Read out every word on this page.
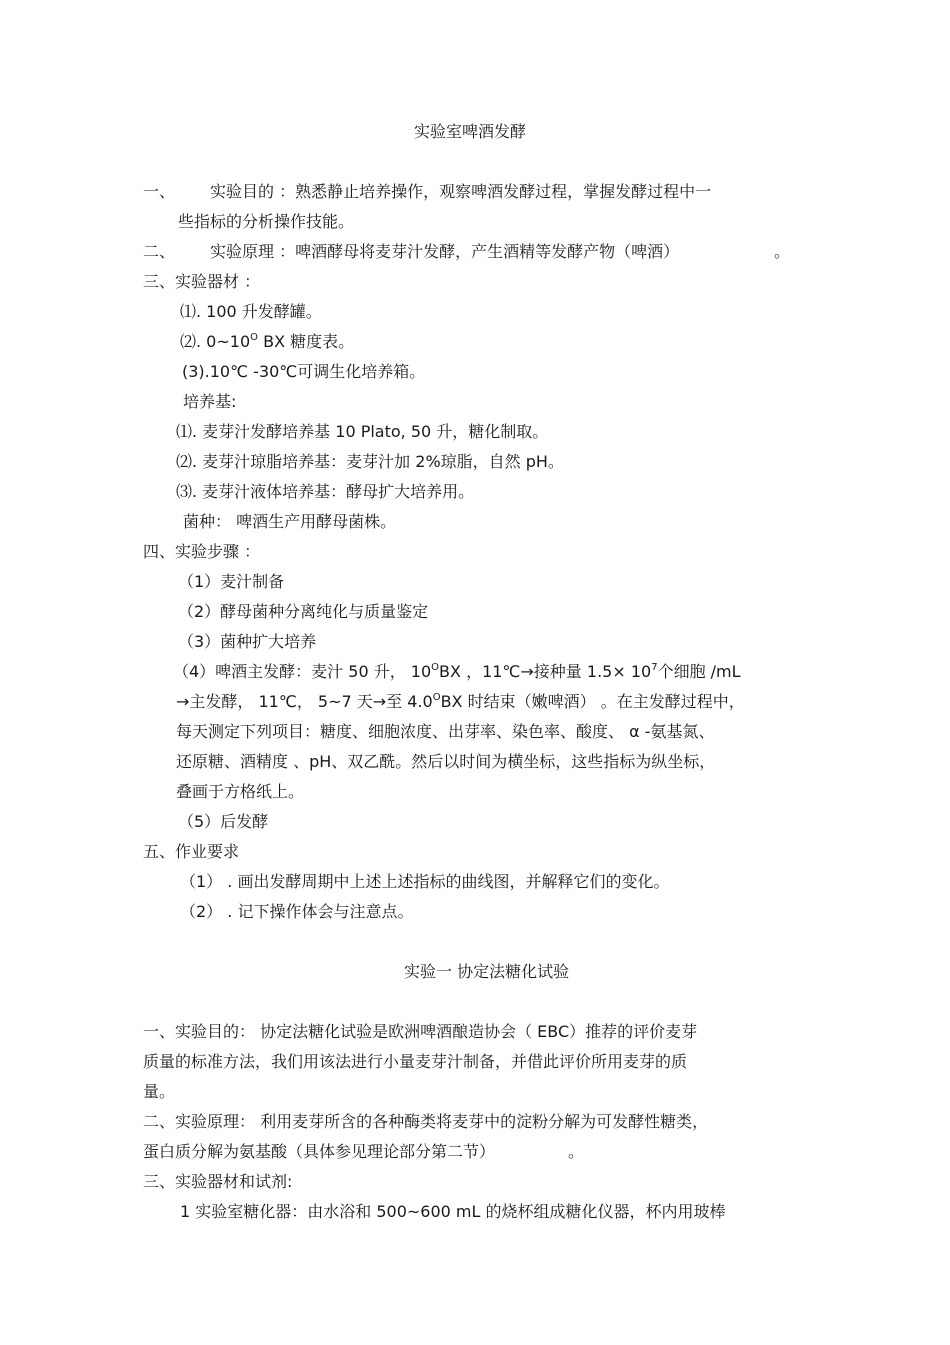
实验室啤酒发酵
一、 实验目的 ：熟悉静止培养操作，观察啤酒发酵过程，掌握发酵过程中一
些指标的分析操作技能。
二、 实验原理 ：啤酒酵母将麦芽汁发酵，产生酒精等发酵产物（啤酒）	。
三、实验器材 ：
⑴. 100 升发酵罐。
⑵. $0\sim 10^O$ BX 糖度表。
(3).10℃ -30℃可调生化培养箱。
培养基:
⑴. 麦芽汁发酵培养基 10 Plato, 50 升，糖化制取。
⑵. 麦芽汁琼脂培养基：麦芽汁加 2%琼脂，自然 pH。
⑶. 麦芽汁液体培养基：酵母扩大培养用。
菌种： 啤酒生产用酵母菌株。
四、实验步骤 ：
（1）麦汁制备
（2）酵母菌种分离纯化与质量鉴定
（3）菌种扩大培养
（4）啤酒主发酵：麦汁 50 升， $10^OBX$ ，11℃→接种量 $1.5\times 10^7$个细胞 /mL
→主发酵， 11℃， 5~7 天→至 $4.0^OBX$ 时结束（嫩啤酒） 。在主发酵过程中，
每天测定下列项目：糖度、细胞浓度、出芽率、染色率、酸度、 α -氨基氮、
还原糖、酒精度 、pH、双乙酰。然后以时间为横坐标，这些指标为纵坐标，
叠画于方格纸上。
（5）后发酵
五、作业要求
（1） . 画出发酵周期中上述上述指标的曲线图，并解释它们的变化。
（2） . 记下操作体会与注意点。
实验一 协定法糖化试验
一、实验目的： 协定法糖化试验是欧洲啤酒酿造协会（ EBC）推荐的评价麦芽
质量的标准方法，我们用该法进行小量麦芽汁制备，并借此评价所用麦芽的质
量。
二、实验原理： 利用麦芽所含的各种酶类将麦芽中的淀粉分解为可发酵性糖类，
蛋白质分解为氨基酸（具体参见理论部分第二节）	。
三、实验器材和试剂:
1 实验室糖化器：由水浴和 500~600 mL 的烧杯组成糖化仪器，杯内用玻棒
